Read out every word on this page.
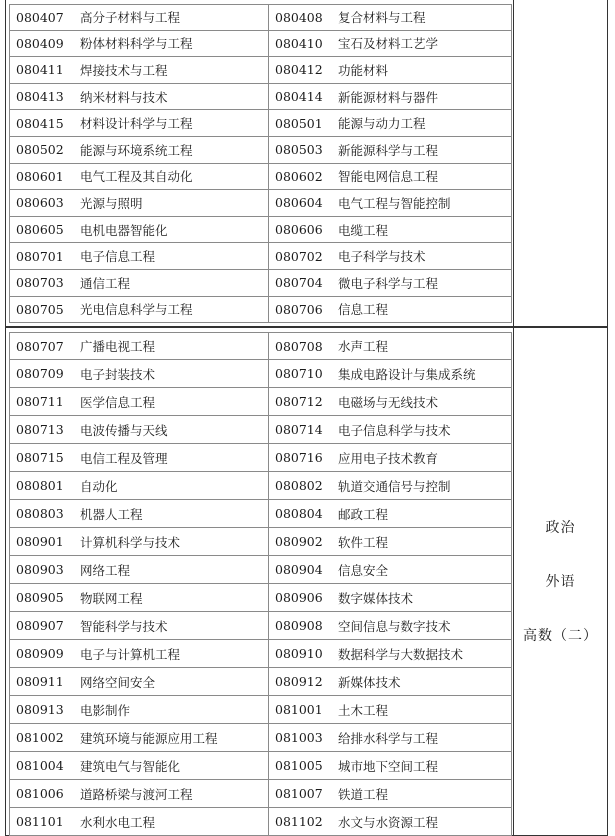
080407	高分子材料与工程	080408	复合材料与工程
080409	粉体材料科学与工程	080410	宝石及材料工艺学
080411	焊接技术与工程	080412	功能材料
080413	纳米材料与技术	080414	新能源材料与器件
080415	材料设计科学与工程	080501	能源与动力工程
080502	能源与环境系统工程	080503	新能源科学与工程
080601	电气工程及其自动化	080602	智能电网信息工程
080603	光源与照明	080604	电气工程与智能控制
080605	电机电器智能化	080606	电缆工程
080701	电子信息工程	080702	电子科学与技术
080703	通信工程	080704	微电子科学与工程
080705	光电信息科学与工程	080706	信息工程
080707	广播电视工程	080708	水声工程
080709	电子封装技术	080710	集成电路设计与集成系统
080711	医学信息工程	080712	电磁场与无线技术
080713	电波传播与天线	080714	电子信息科学与技术
080715	电信工程及管理	080716	应用电子技术教育
080801	自动化	080802	轨道交通信号与控制
080803	机器人工程	080804	邮政工程
080901	计算机科学与技术	080902	软件工程
080903	网络工程	080904	信息安全
080905	物联网工程	080906	数字媒体技术
080907	智能科学与技术	080908	空间信息与数字技术
080909	电子与计算机工程	080910	数据科学与大数据技术
080911	网络空间安全	080912	新媒体技术
080913	电影制作	081001	土木工程
081002	建筑环境与能源应用工程	081003	给排水科学与工程
081004	建筑电气与智能化	081005	城市地下空间工程
081006	道路桥梁与渡河工程	081007	铁道工程
081101	水利水电工程	081102	水文与水资源工程
政治
外语
高数（二）
